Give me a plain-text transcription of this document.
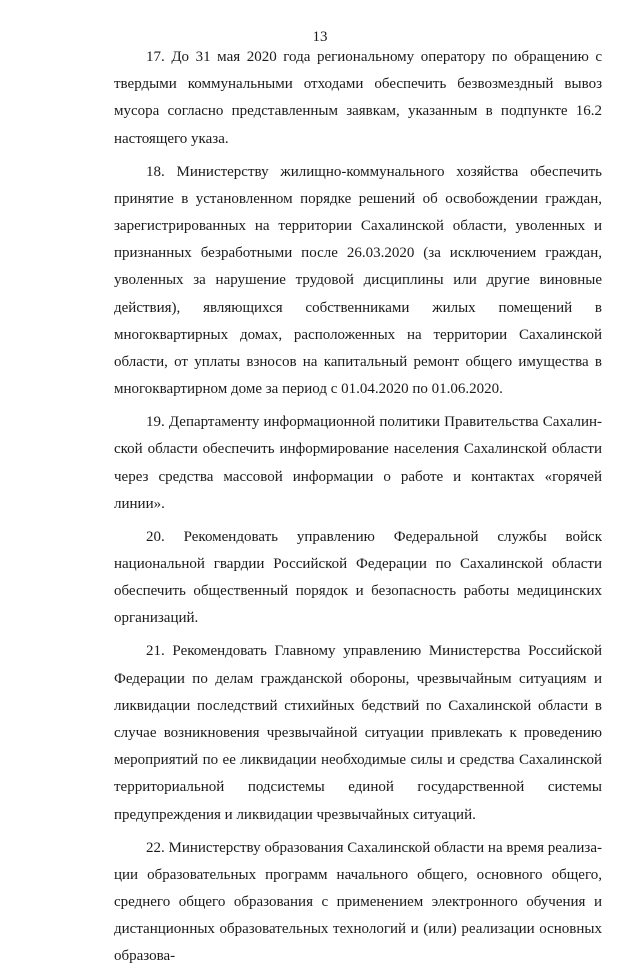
13

17. До 31 мая 2020 года региональному оператору по обращению с твердыми коммунальными отходами обеспечить безвозмездный вывоз мусора согласно представленным заявкам, указанным в подпункте 16.2 настоящего указа.

18. Министерству жилищно-коммунального хозяйства обеспечить принятие в установленном порядке решений об освобождении граждан, зарегистрированных на территории Сахалинской области, уволенных и признанных безработными после 26.03.2020 (за исключением граждан, уволенных за нарушение трудовой дисциплины или другие виновные действия), являющихся собственниками жилых помещений в многоквартирных домах, расположенных на территории Сахалинской области, от уплаты взносов на капитальный ремонт общего имущества в многоквартирном доме за период с 01.04.2020 по 01.06.2020.

19. Департаменту информационной политики Правительства Сахалинской области обеспечить информирование населения Сахалинской области через средства массовой информации о работе и контактах «горячей линии».

20. Рекомендовать управлению Федеральной службы войск национальной гвардии Российской Федерации по Сахалинской области обеспечить общественный порядок и безопасность работы медицинских организаций.

21. Рекомендовать Главному управлению Министерства Российской Федерации по делам гражданской обороны, чрезвычайным ситуациям и ликвидации последствий стихийных бедствий по Сахалинской области в случае возникновения чрезвычайной ситуации привлекать к проведению мероприятий по ее ликвидации необходимые силы и средства Сахалинской территориальной подсистемы единой государственной системы предупреждения и ликвидации чрезвычайных ситуаций.

22. Министерству образования Сахалинской области на время реализации образовательных программ начального общего, основного общего, среднего общего образования с применением электронного обучения и дистанционных образовательных технологий и (или) реализации основных образова-
